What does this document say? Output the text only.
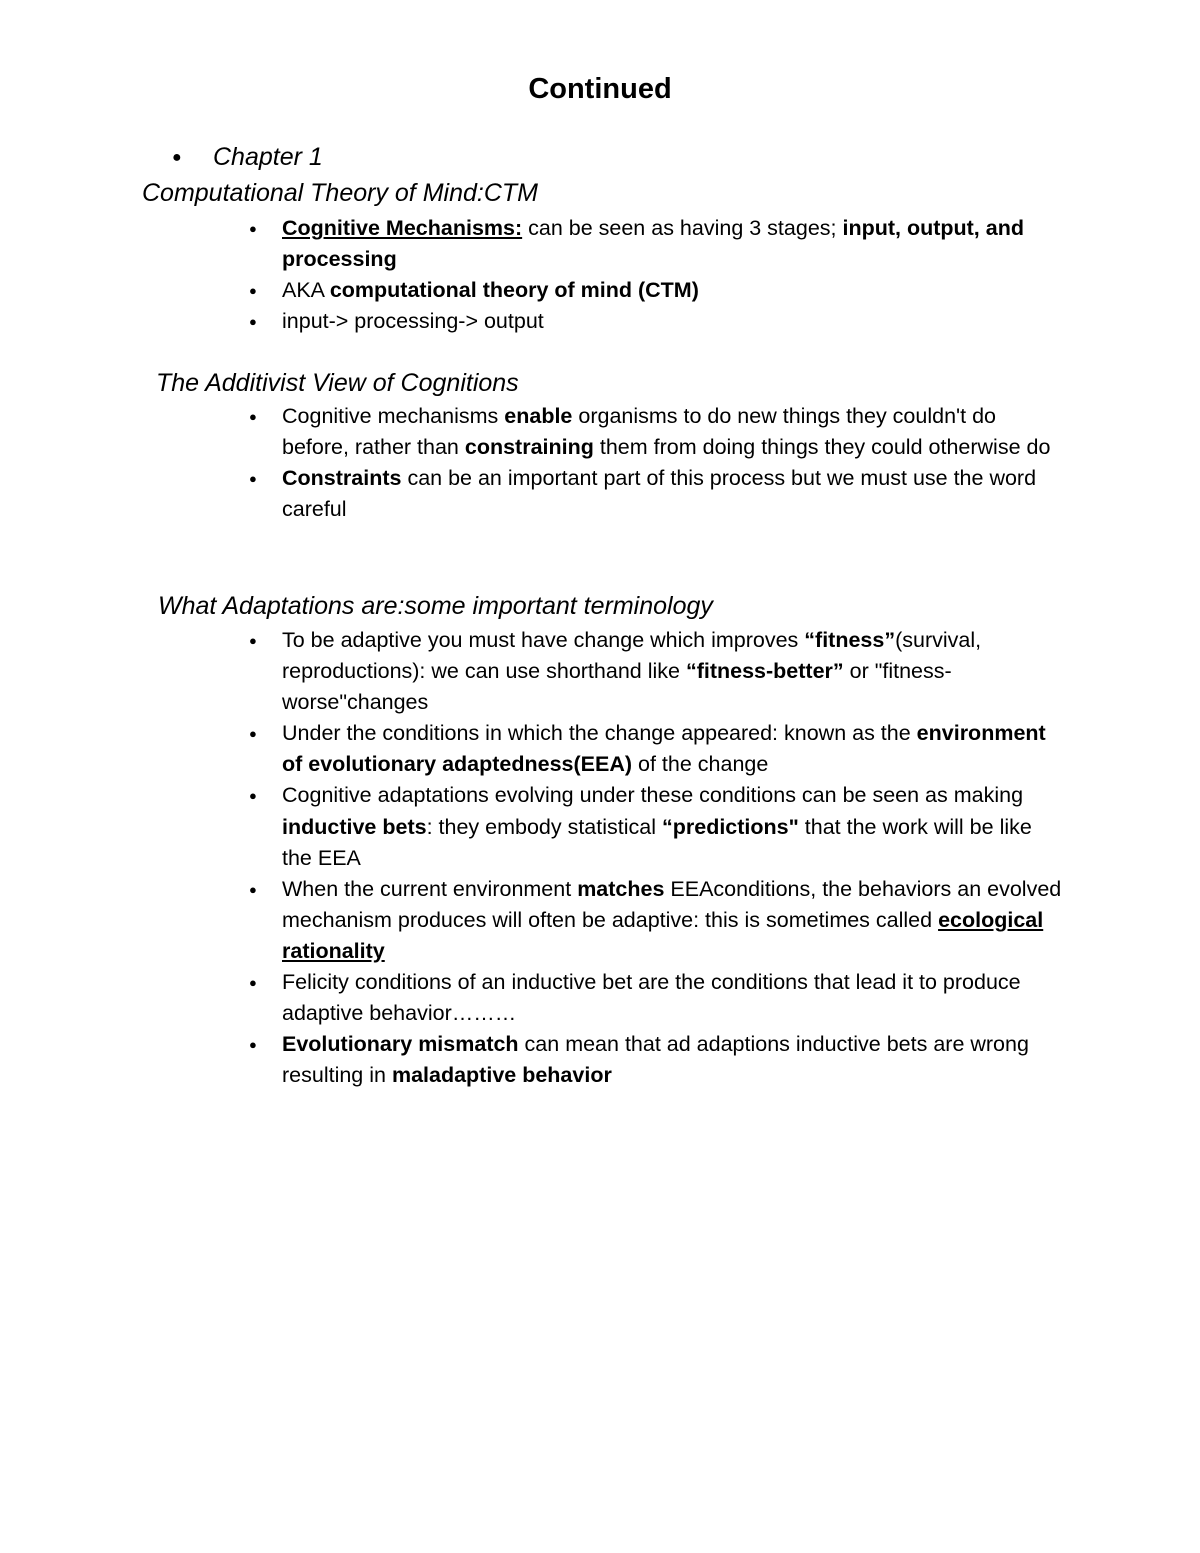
Continued
● Chapter 1
Computational Theory of Mind:CTM
● Cognitive Mechanisms: can be seen as having 3 stages; input, output, and processing
● AKA computational theory of mind (CTM)
● input-> processing-> output
The Additivist View of Cognitions
● Cognitive mechanisms enable organisms to do new things they couldn't do before, rather than constraining them from doing things they could otherwise do
● Constraints can be an important part of this process but we must use the word careful
What Adaptations are:some important terminology
● To be adaptive you must have change which improves “fitness”(survival, reproductions): we can use shorthand like “fitness-better” or "fitness-worse"changes
● Under the conditions in which the change appeared: known as the environment of evolutionary adaptedness(EEA) of the change
● Cognitive adaptations evolving under these conditions can be seen as making inductive bets: they embody statistical “predictions" that the work will be like the EEA
● When the current environment matches EEAconditions, the behaviors an evolved mechanism produces will often be adaptive: this is sometimes called ecological rationality
● Felicity conditions of an inductive bet are the conditions that lead it to produce adaptive behavior………
● Evolutionary mismatch can mean that ad adaptions inductive bets are wrong resulting in maladaptive behavior
